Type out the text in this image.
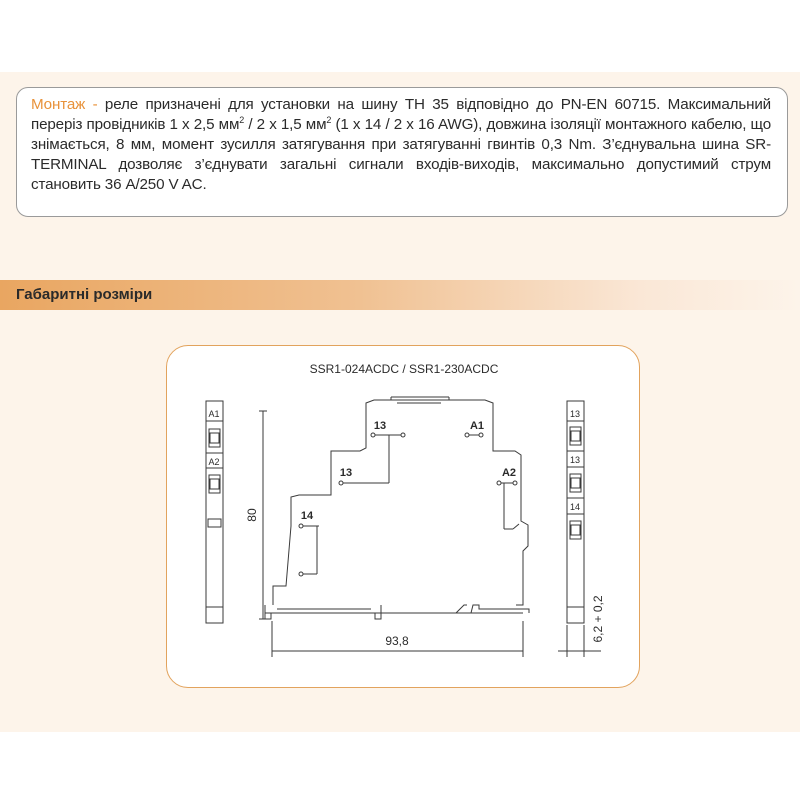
Монтаж - реле призначені для установки на шину ТН 35 відповідно до PN-EN 60715. Максимальний переріз провідників 1 x 2,5 $мм^2 / 2$ x 1,5 $мм^2$ (1 x 14 / 2 x 16 AWG), довжина ізоляції монтажного кабелю, що знімається, 8 мм, момент зусилля затягування при затягуванні гвинтів 0,3 Nm. З’єднувальна шина SR-TERMINAL дозволяє з’єднувати загальні сигнали входів-виходів, максимально допустимий струм становить 36 A/250 V AC.
Габаритні розміри
SSR1-024ACDC / SSR1-230ACDC
A1
A2
13
13
14
13	A1
13	A2
14
80
93,8	6,2 + 0,2
